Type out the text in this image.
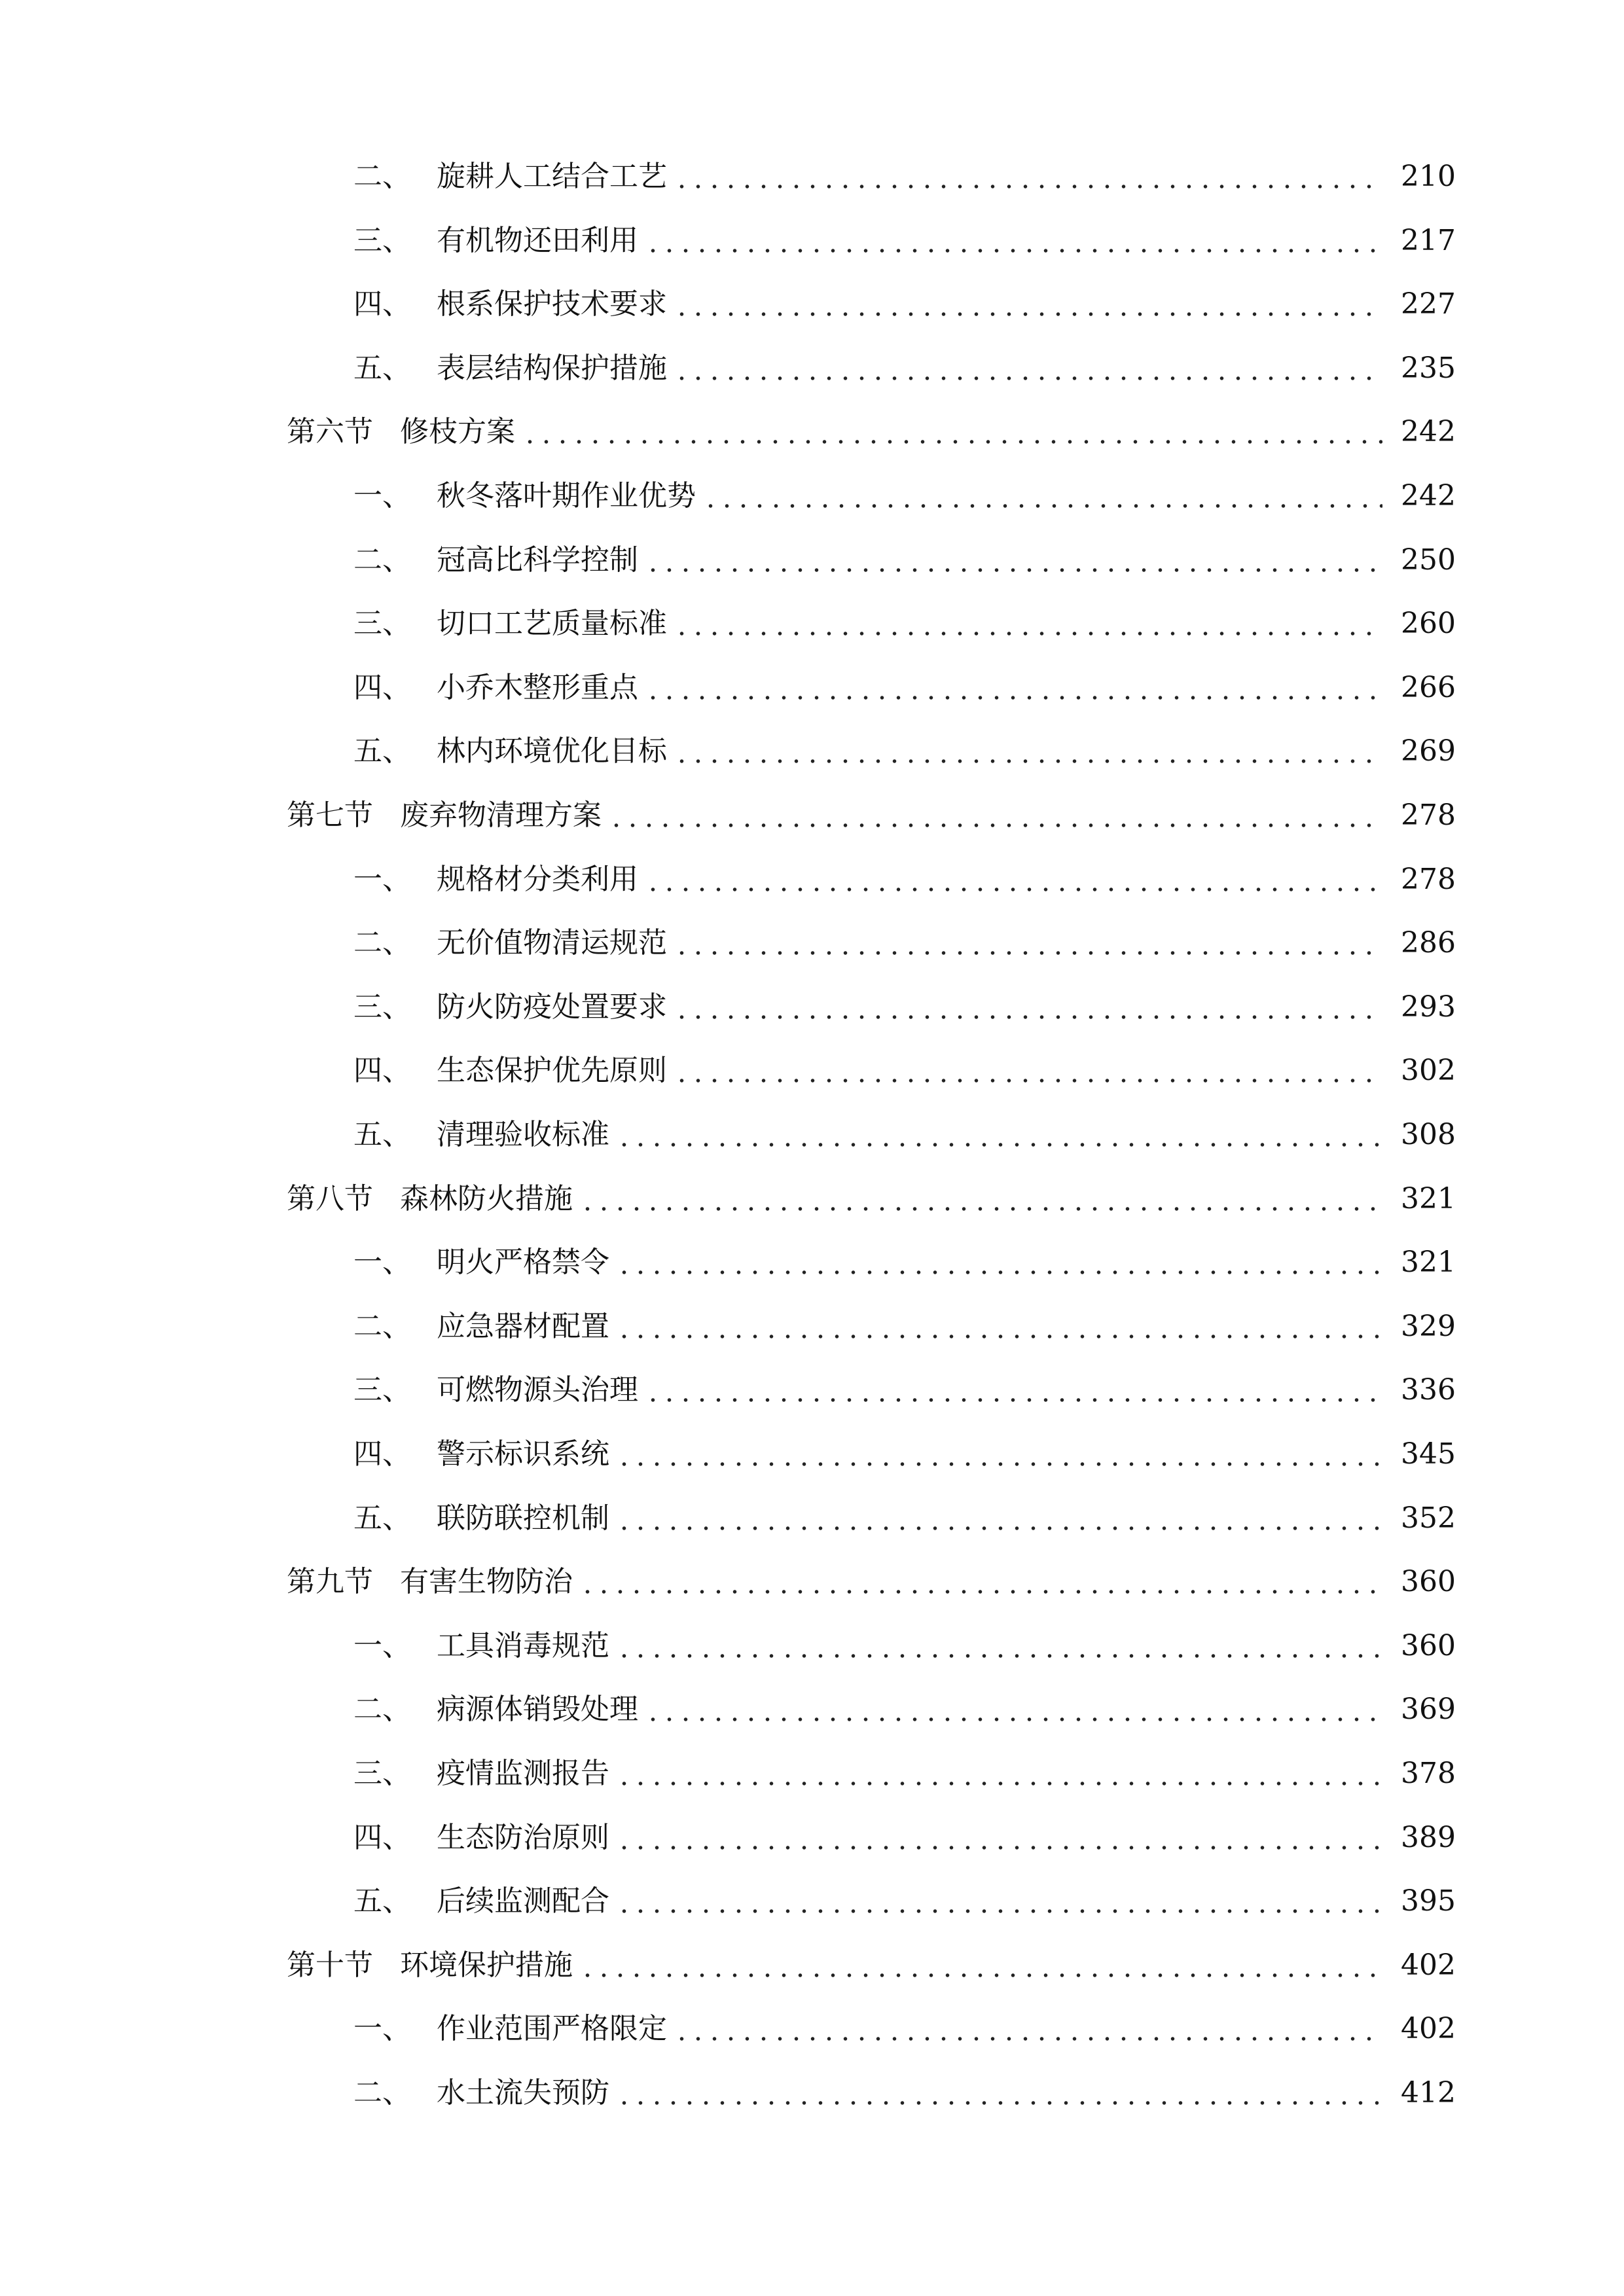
二、 旋耕人工结合工艺	210
三、 有机物还田利用	217
四、 根系保护技术要求	227
五、 表层结构保护措施	235
第六节 修枝方案	242
一、 秋冬落叶期作业优势	242
二、 冠高比科学控制	250
三、 切口工艺质量标准	260
四、 小乔木整形重点	266
五、 林内环境优化目标	269
第七节 废弃物清理方案	278
一、 规格材分类利用	278
二、 无价值物清运规范	286
三、 防火防疫处置要求	293
四、 生态保护优先原则	302
五、 清理验收标准	308
第八节 森林防火措施	321
一、 明火严格禁令	321
二、 应急器材配置	329
三、 可燃物源头治理	336
四、 警示标识系统	345
五、 联防联控机制	352
第九节 有害生物防治	360
一、 工具消毒规范	360
二、 病源体销毁处理	369
三、 疫情监测报告	378
四、 生态防治原则	389
五、 后续监测配合	395
第十节 环境保护措施	402
一、 作业范围严格限定	402
二、 水土流失预防	412
